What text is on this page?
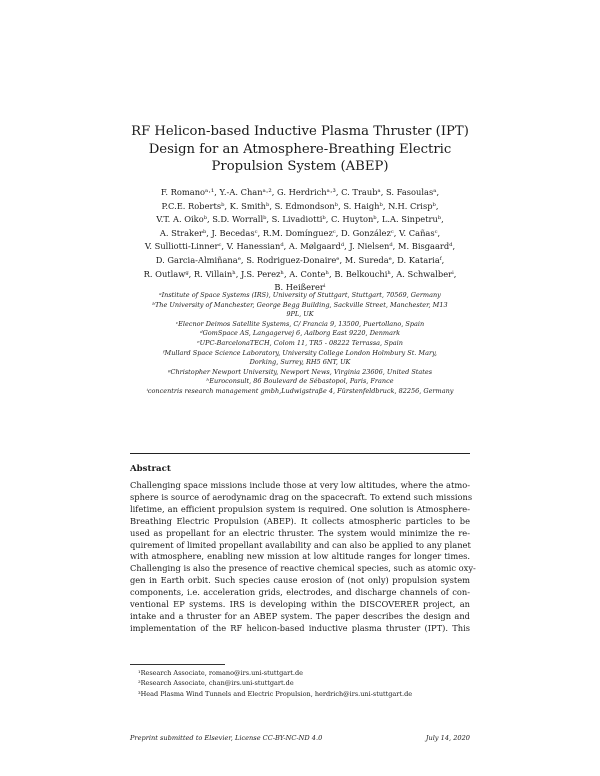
RF Helicon-based Inductive Plasma Thruster (IPT)
Design for an Atmosphere-Breathing Electric
Propulsion System (ABEP)
F. Romanoᵃ·¹, Y.-A. Chanᵃ·², G. Herdrichᵃ·³, C. Traubᵃ, S. Fasoulasᵃ,
P.C.E. Robertsᵇ, K. Smithᵇ, S. Edmondsonᵇ, S. Haighᵇ, N.H. Crispᵇ,
V.T. A. Oikoᵇ, S.D. Worrallᵇ, S. Livadiottiᵇ, C. Huytonᵇ, L.A. Sinpetruᵇ,
A. Strakerᵇ, J. Becedasᶜ, R.M. Domínguezᶜ, D. Gonzálezᶜ, V. Cañasᶜ,
V. Sulliotti-Linnerᶜ, V. Hanessianᵈ, A. Mølgaardᵈ, J. Nielsenᵈ, M. Bisgaardᵈ,
D. Garcia-Almiñanaᵉ, S. Rodriguez-Donaireᵉ, M. Suredaᵉ, D. Katariaᶠ,
R. Outlawᵍ, R. Villainʰ, J.S. Perezʰ, A. Conteʰ, B. Belkouchiʰ, A. Schwalberⁱ,
B. Heißererⁱ
ᵃInstitute of Space Systems (IRS), University of Stuttgart, Stuttgart, 70569, Germany
ᵇThe University of Manchester, George Begg Building, Sackville Street, Manchester, M13
9PL, UK
ᶜElecnor Deimos Satellite Systems, C/ Francia 9, 13500, Puertollano, Spain
ᵈGomSpace AS, Langagervej 6, Aalborg East 9220, Denmark
ᵉUPC-BarcelonaTECH, Colom 11, TR5 - 08222 Terrassa, Spain
ᶠMullard Space Science Laboratory, University College London Holmbury St. Mary,
Dorking, Surrey, RH5 6NT, UK
ᵍChristopher Newport University, Newport News, Virginia 23606, United States
ʰEuroconsult, 86 Boulevard de Sébastopol, Paris, France
ⁱconcentris research management gmbh,Ludwigstraße 4, Fürstenfeldbruck, 82256, Germany
Abstract
Challenging space missions include those at very low altitudes, where the atmo-
sphere is source of aerodynamic drag on the spacecraft. To extend such missions
lifetime, an efficient propulsion system is required. One solution is Atmosphere-
Breathing Electric Propulsion (ABEP). It collects atmospheric particles to be
used as propellant for an electric thruster. The system would minimize the re-
quirement of limited propellant availability and can also be applied to any planet
with atmosphere, enabling new mission at low altitude ranges for longer times.
Challenging is also the presence of reactive chemical species, such as atomic oxy-
gen in Earth orbit. Such species cause erosion of (not only) propulsion system
components, i.e. acceleration grids, electrodes, and discharge channels of con-
ventional EP systems. IRS is developing within the DISCOVERER project, an
intake and a thruster for an ABEP system. The paper describes the design and
implementation of the RF helicon-based inductive plasma thruster (IPT). This
¹Research Associate, romano@irs.uni-stuttgart.de
²Research Associate, chan@irs.uni-stuttgart.de
³Head Plasma Wind Tunnels and Electric Propulsion, herdrich@irs.uni-stuttgart.de
Preprint submitted to Elsevier, License CC-BY-NC-ND 4.0	July 14, 2020
